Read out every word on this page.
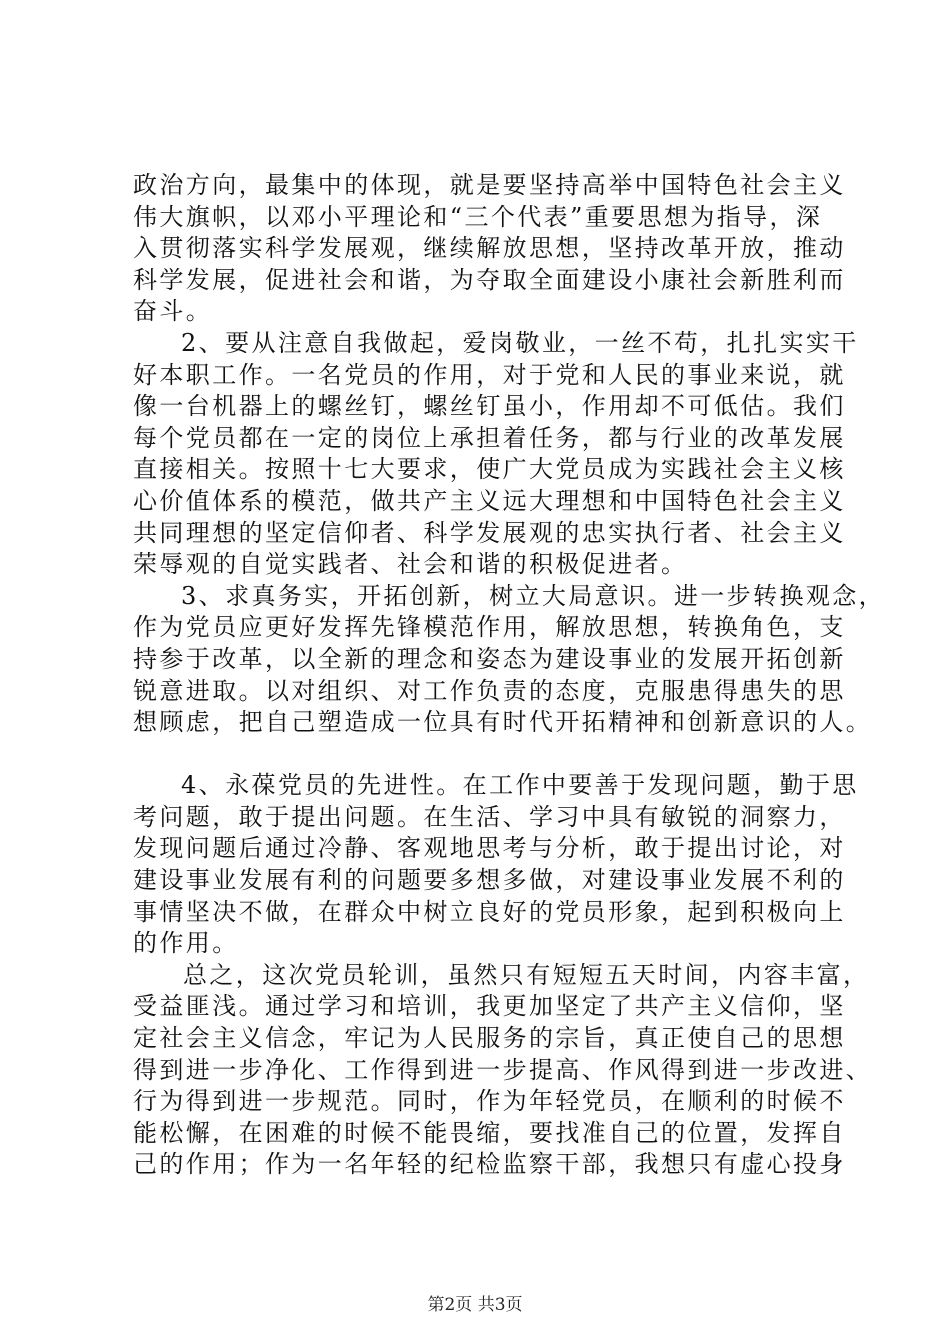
政治方向，最集中的体现，就是要坚持高举中国特色社会主义
伟大旗帜，以邓小平理论和“三个代表”重要思想为指导，深
入贯彻落实科学发展观，继续解放思想，坚持改革开放，推动
科学发展，促进社会和谐，为夺取全面建设小康社会新胜利而
奋斗。
2、要从注意自我做起，爱岗敬业，一丝不苟，扎扎实实干
好本职工作。一名党员的作用，对于党和人民的事业来说，就
像一台机器上的螺丝钉，螺丝钉虽小，作用却不可低估。我们
每个党员都在一定的岗位上承担着任务，都与行业的改革发展
直接相关。按照十七大要求，使广大党员成为实践社会主义核
心价值体系的模范，做共产主义远大理想和中国特色社会主义
共同理想的坚定信仰者、科学发展观的忠实执行者、社会主义
荣辱观的自觉实践者、社会和谐的积极促进者。
3、求真务实，开拓创新，树立大局意识。进一步转换观念，
作为党员应更好发挥先锋模范作用，解放思想，转换角色，支
持参于改革，以全新的理念和姿态为建设事业的发展开拓创新
锐意进取。以对组织、对工作负责的态度，克服患得患失的思
想顾虑，把自己塑造成一位具有时代开拓精神和创新意识的人。
4、永葆党员的先进性。在工作中要善于发现问题，勤于思
考问题，敢于提出问题。在生活、学习中具有敏锐的洞察力，
发现问题后通过冷静、客观地思考与分析，敢于提出讨论，对
建设事业发展有利的问题要多想多做，对建设事业发展不利的
事情坚决不做，在群众中树立良好的党员形象，起到积极向上
的作用。
总之，这次党员轮训，虽然只有短短五天时间，内容丰富，
受益匪浅。通过学习和培训，我更加坚定了共产主义信仰，坚
定社会主义信念，牢记为人民服务的宗旨，真正使自己的思想
得到进一步净化、工作得到进一步提高、作风得到进一步改进、
行为得到进一步规范。同时，作为年轻党员，在顺利的时候不
能松懈，在困难的时候不能畏缩，要找准自己的位置，发挥自
己的作用；作为一名年轻的纪检监察干部，我想只有虚心投身
第2页 共3页
